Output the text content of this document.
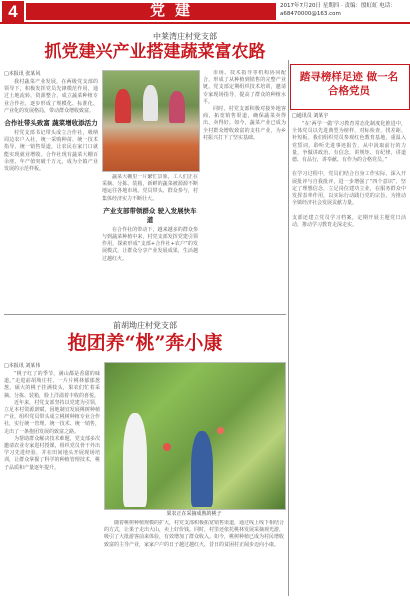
4	党建	2017年7月20日 星期四 · 责编：殷虹虹 电话：a68470000@163.com
中莱湾庄村党支部
抓党建兴产业搭建蔬菜富农路
踏寻榜样足迹 做一名合格党员

□本报讯 张某风

我村蔬菜产业发展，在两级党支部的领导下，积极发挥党员先锋模范作用，通过土地流转、资源整合，成立蔬菜种植专业合作社，逐步形成了规模化、标准化、产业化的发展格局，带动群众增收致富。

合作社带头致富 蔬菜增收添活力

村党支部书记带头成立合作社，吸纳周边农户入社，统一采购种苗、统一技术指导、统一销售渠道，让农民在家门口就能实现就业增收。合作社现有蔬菜大棚百余座，年产值突破千万元，成为全镇产业发展的示范样板。

蔬菜大棚里一片繁忙景象，工人们正在采摘、分拣、装箱，新鲜的蔬菜被源源不断地运往各地市场。党员带头、群众参与，村集体经济实力不断壮大。

产业支部带领群众 驶入发展快车道

在合作社的带动下，越来越多的群众参与到蔬菜种植中来，村党支部发挥党建引领作用，探索形成“支部+合作社+农户”的发展模式，让群众分享产业发展成果，生活越过越红火。

市场、技术指导等机构协同配合，形成了从种植到销售的完整产业链。党支部定期组织技术培训，邀请专家现场指导，提高了群众的种植水平。

同时，村党支部积极对接外地客商，拓宽销售渠道，确保蔬菜卖得出、卖得好。如今，蔬菜产业已成为全村群众增收致富的支柱产业，为乡村振兴打下了坚实基础。

□通讯员 刘某宇

“在‘两学一做’学习教育常态化制度化推进中，全体党员以先进典型为榜样，对标检查，找差距、补短板。我们组织党员参观红色教育基地，重温入党誓词，聆听先进事迹报告，从中汲取前行的力量，争做讲政治、有信念，讲规矩、有纪律，讲道德、有品行，讲奉献、有作为的合格党员。”

在学习过程中，党员们结合自身工作实际，深入开展批评与自我批评，进一步增强了“四个意识”，坚定了理想信念，立足岗位建功立业，在服务群众中发挥表率作用，以实际行动践行党的宗旨，为推动全镇经济社会发展贡献力量。

支部还建立党员学习档案，定期开展主题党日活动，推动学习教育走深走实。

前胡坳庄村党支部
抱团养“桃”奔小康

□本报讯 刘某伟

“桃子红了的季节，满山都是香甜的味道。”走进前胡坳庄村，一片片桃林郁郁葱葱，硕大的桃子挂满枝头，果农们忙着采摘、分拣、装箱，脸上洋溢着丰收的喜悦。

近年来，村党支部坚持以党建为引领，立足本村资源禀赋，因地制宜发展桃树种植产业，组织党员带头成立桃树种植专业合作社，实行统一管理、统一技术、统一销售，走出了一条抱团发展的致富之路。

为帮助群众解决技术难题，党支部多次邀请农业专家进村授课，组织党员骨干外出学习先进经验，并在田间地头开展现场培训，让群众掌握了科学的种植管理技术，桃子品质和产量逐年提升。

果农正在采摘成熟的桃子

随着桃树种植规模的扩大，村党支部积极拓宽销售渠道，通过线上线下相结合的方式，让果子走出大山，卖上好价钱。同时，村里还依托桃林发展采摘观光游，吸引了大批游客前来体验，有效增加了群众收入。如今，桃树种植已成为村民增收致富的主导产业，家家户户的日子越过越红火，昔日的贫困村正阔步迈向小康。
